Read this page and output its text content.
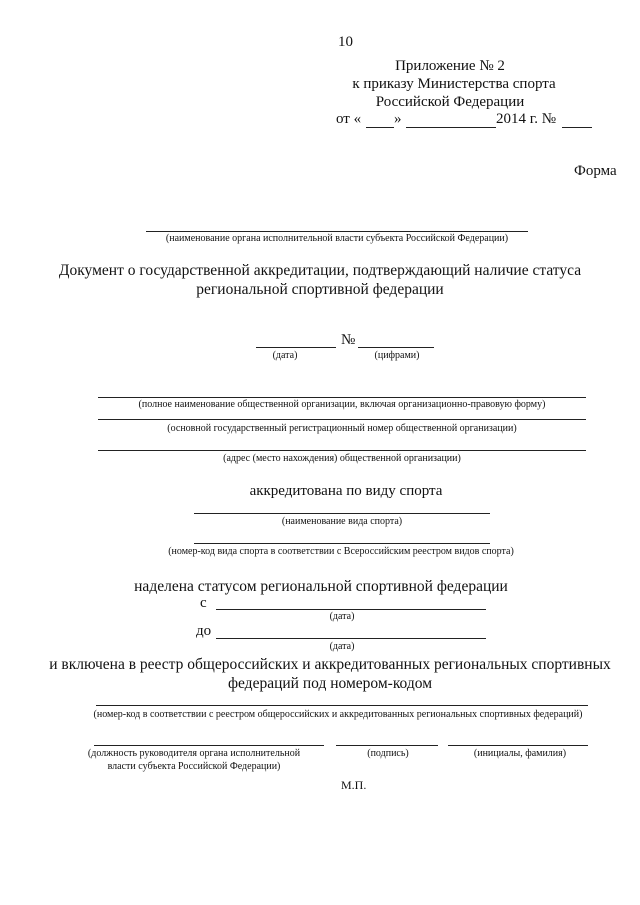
10
Приложение № 2
к приказу Министерства спорта
Российской Федерации
от « »	2014 г. №
Форма
(наименование органа исполнительной власти субъекта Российской Федерации)
Документ о государственной аккредитации, подтверждающий наличие статуса
региональной спортивной федерации
№
(дата)	(цифрами)
(полное наименование общественной организации, включая организационно-правовую форму)
(основной государственный регистрационный номер общественной организации)
(адрес (место нахождения) общественной организации)
аккредитована по виду спорта
(наименование вида спорта)
(номер-код вида спорта в соответствии с Всероссийским реестром видов спорта)
наделена статусом региональной спортивной федерации
с
(дата)
до
(дата)
и включена в реестр общероссийских и аккредитованных региональных спортивных
федераций под номером-кодом
(номер-код в соответствии с реестром общероссийских и аккредитованных региональных спортивных федераций)
(должность руководителя органа исполнительной
власти субъекта Российской Федерации)
(подпись)	(инициалы, фамилия)
М.П.
